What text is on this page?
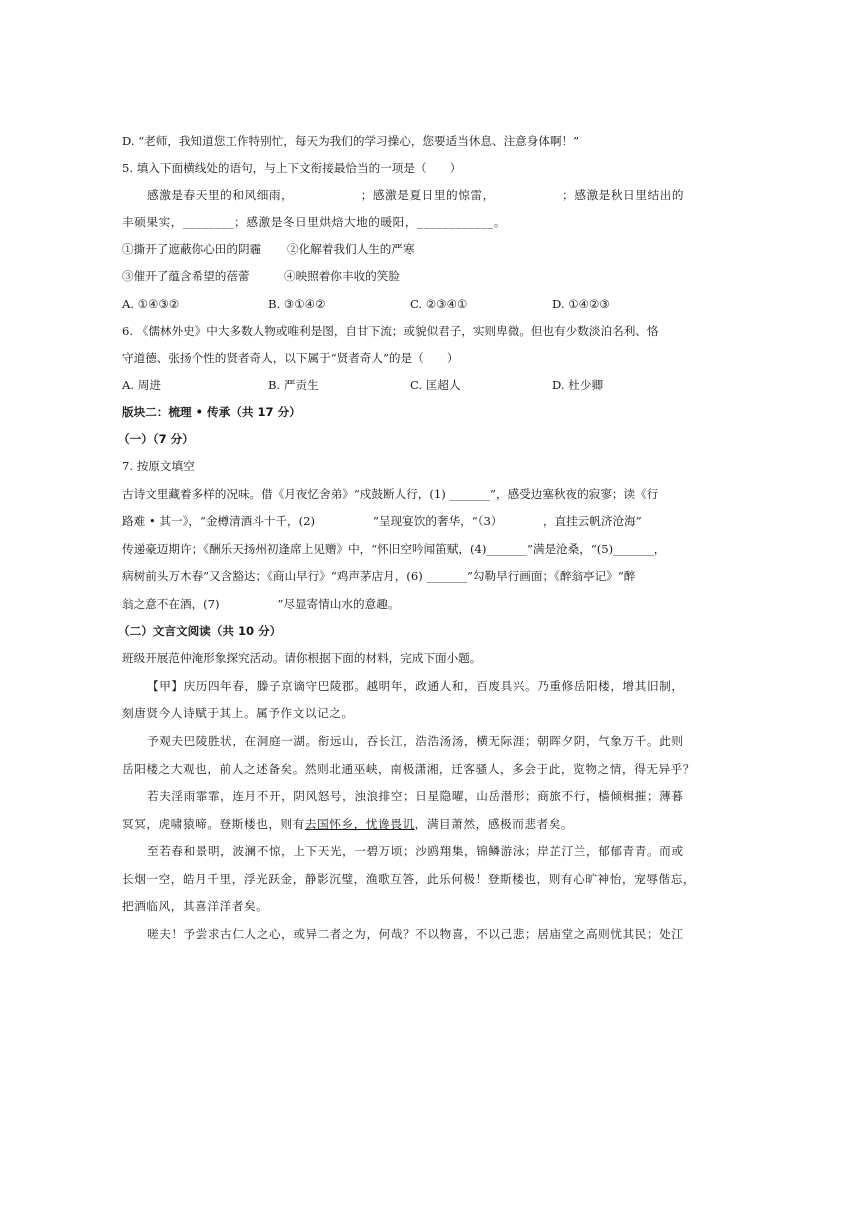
D. “老师，我知道您工作特别忙，每天为我们的学习操心，您要适当休息、注意身体啊！”
5. 填入下面横线处的语句，与上下文衔接最恰当的一项是（　　）
感激是春天里的和风细雨，　　　　　　；感激是夏日里的惊雷，　　　　　　；感激是秋日里结出的
丰硕果实，________；感激是冬日里烘焙大地的暖阳，____________。
①撕开了遮蔽你心田的阴霾 ②化解着我们人生的严寒
③催开了蕴含希望的蓓蕾	④映照着你丰收的笑脸
A. ①④③②	B. ③①④②	C. ②③④①	D. ①④②③
6. 《儒林外史》中大多数人物或唯利是图，自甘下流；或貌似君子，实则卑微。但也有少数淡泊名利、恪
守道德、张扬个性的贤者奇人，以下属于“贤者奇人”的是（　　）
A. 周进	B. 严贡生	C. 匡超人	D. 杜少卿
版块二：梳理 • 传承（共 17 分）
（一）（7 分）
7. 按原文填空
古诗文里藏着多样的况味。借《月夜忆舍弟》“戍鼓断人行，(1) _______”，感受边塞秋夜的寂寥；读《行
路难 • 其一》，“金樽清酒斗十千，(2)　　　　　”呈现宴饮的奢华，“（3）　　　　，直挂云帆济沧海”
传递豪迈期许；《酬乐天扬州初逢席上见赠》中，“怀旧空吟闻笛赋，(4)_______”满是沧桑，“(5)_______，
病树前头万木春”又含豁达；《商山早行》“鸡声茅店月，(6) _______”勾勒早行画面；《醉翁亭记》“醉
翁之意不在酒，(7)　　　　　”尽显寄情山水的意趣。
（二）文言文阅读（共 10 分）
班级开展范仲淹形象探究活动。请你根据下面的材料，完成下面小题。
【甲】庆历四年春，滕子京谪守巴陵郡。越明年，政通人和，百废具兴。乃重修岳阳楼，增其旧制，
刻唐贤今人诗赋于其上。属予作文以记之。
予观夫巴陵胜状，在洞庭一湖。衔远山，吞长江，浩浩汤汤，横无际涯；朝晖夕阴，气象万千。此则
岳阳楼之大观也，前人之述备矣。然则北通巫峡，南极潇湘，迁客骚人，多会于此，览物之情，得无异乎？
若夫淫雨霏霏，连月不开，阴风怒号，浊浪排空；日星隐曜，山岳潜形；商旅不行，樯倾楫摧；薄暮
冥冥，虎啸猿啼。登斯楼也，则有去国怀乡，忧谗畏讥，满目萧然，感极而悲者矣。
至若春和景明，波澜不惊，上下天光，一碧万顷；沙鸥翔集，锦鳞游泳；岸芷汀兰，郁郁青青。而或
长烟一空，皓月千里，浮光跃金，静影沉璧，渔歌互答，此乐何极！登斯楼也，则有心旷神怡，宠辱偕忘，
把酒临风，其喜洋洋者矣。
嗟夫！予尝求古仁人之心，或异二者之为，何哉？不以物喜，不以己悲；居庙堂之高则忧其民；处江
